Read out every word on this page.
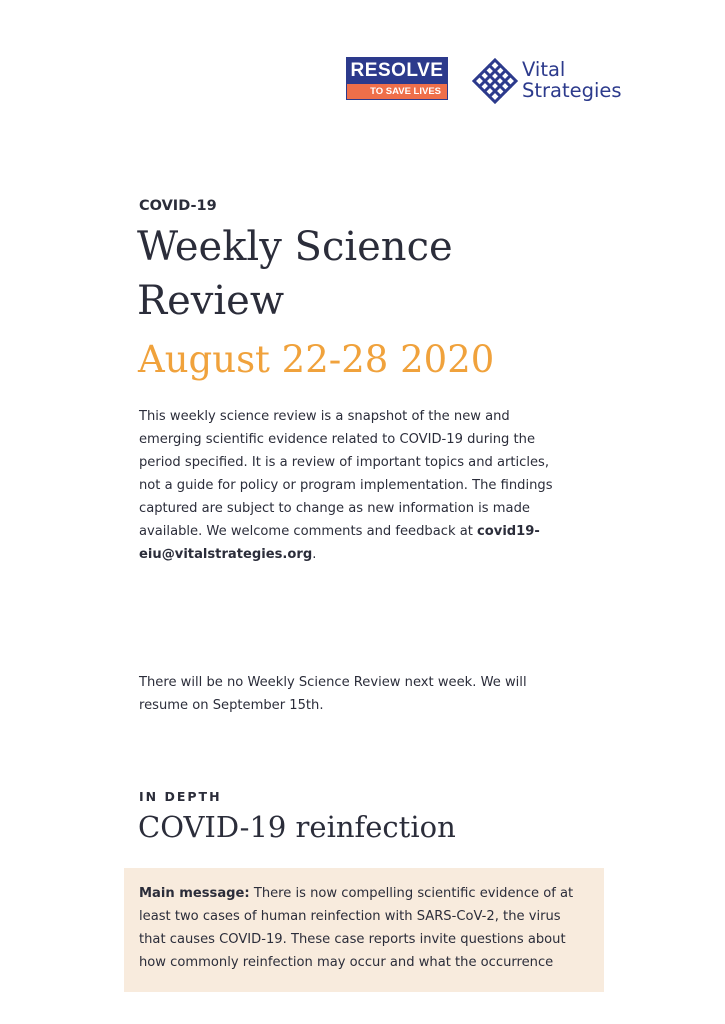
RESOLVE
TO SAVE LIVES
Vital
Strategies
COVID-19
Weekly Science
Review
August 22-28 2020
This weekly science review is a snapshot of the new and emerging scientific evidence related to COVID-19 during the period specified. It is a review of important topics and articles, not a guide for policy or program implementation. The findings captured are subject to change as new information is made available. We welcome comments and feedback at covid19-eiu@vitalstrategies.org.
There will be no Weekly Science Review next week. We will resume on September 15th.
IN DEPTH
COVID-19 reinfection
Main message: There is now compelling scientific evidence of at least two cases of human reinfection with SARS-CoV-2, the virus that causes COVID-19. These case reports invite questions about how commonly reinfection may occur and what the occurrence
